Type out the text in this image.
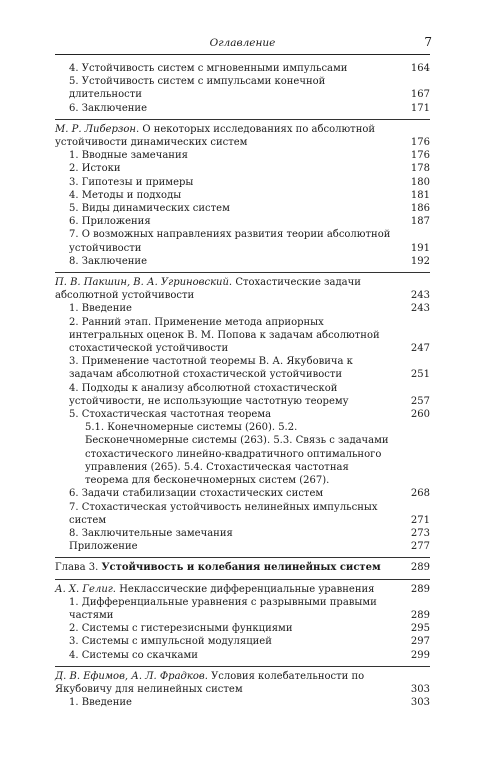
Оглавление	7
4. Устойчивость систем с мгновенными импульсами	164
5. Устойчивость систем с импульсами конечной длительности	167
6. Заключение	171
М. Р. Либерзон. О некоторых исследованиях по абсолютной устойчивости динамических систем	176
1. Вводные замечания	176
2. Истоки	178
3. Гипотезы и примеры	180
4. Методы и подходы	181
5. Виды динамических систем	186
6. Приложения	187
7. О возможных направлениях развития теории абсолютной устойчивости	191
8. Заключение	192
П. В. Пакшин, В. А. Угриновский. Стохастические задачи абсолютной устойчивости	243
1. Введение	243
2. Ранний этап. Применение метода априорных интегральных оценок В. М. Попова к задачам абсолютной стохастической устойчивости	247
3. Применение частотной теоремы В. А. Якубовича к задачам абсолютной стохастической устойчивости	251
4. Подходы к анализу абсолютной стохастической устойчивости, не использующие частотную теорему	257
5. Стохастическая частотная теорема	260
5.1. Конечномерные системы (260). 5.2. Бесконечномерные системы (263). 5.3. Связь с задачами стохастического линейно-квадратичного оптимального управления (265). 5.4. Стохастическая частотная теорема для бесконечномерных систем (267).
6. Задачи стабилизации стохастических систем	268
7. Стохастическая устойчивость нелинейных импульсных систем	271
8. Заключительные замечания	273
Приложение	277
Глава 3. Устойчивость и колебания нелинейных систем	289
А. Х. Гелиг. Неклассические дифференциальные уравнения	289
1. Дифференциальные уравнения с разрывными правыми частями	289
2. Системы с гистерезисными функциями	295
3. Системы с импульсной модуляцией	297
4. Системы со скачками	299
Д. В. Ефимов, А. Л. Фрадков. Условия колебательности по Якубовичу для нелинейных систем	303
1. Введение	303
